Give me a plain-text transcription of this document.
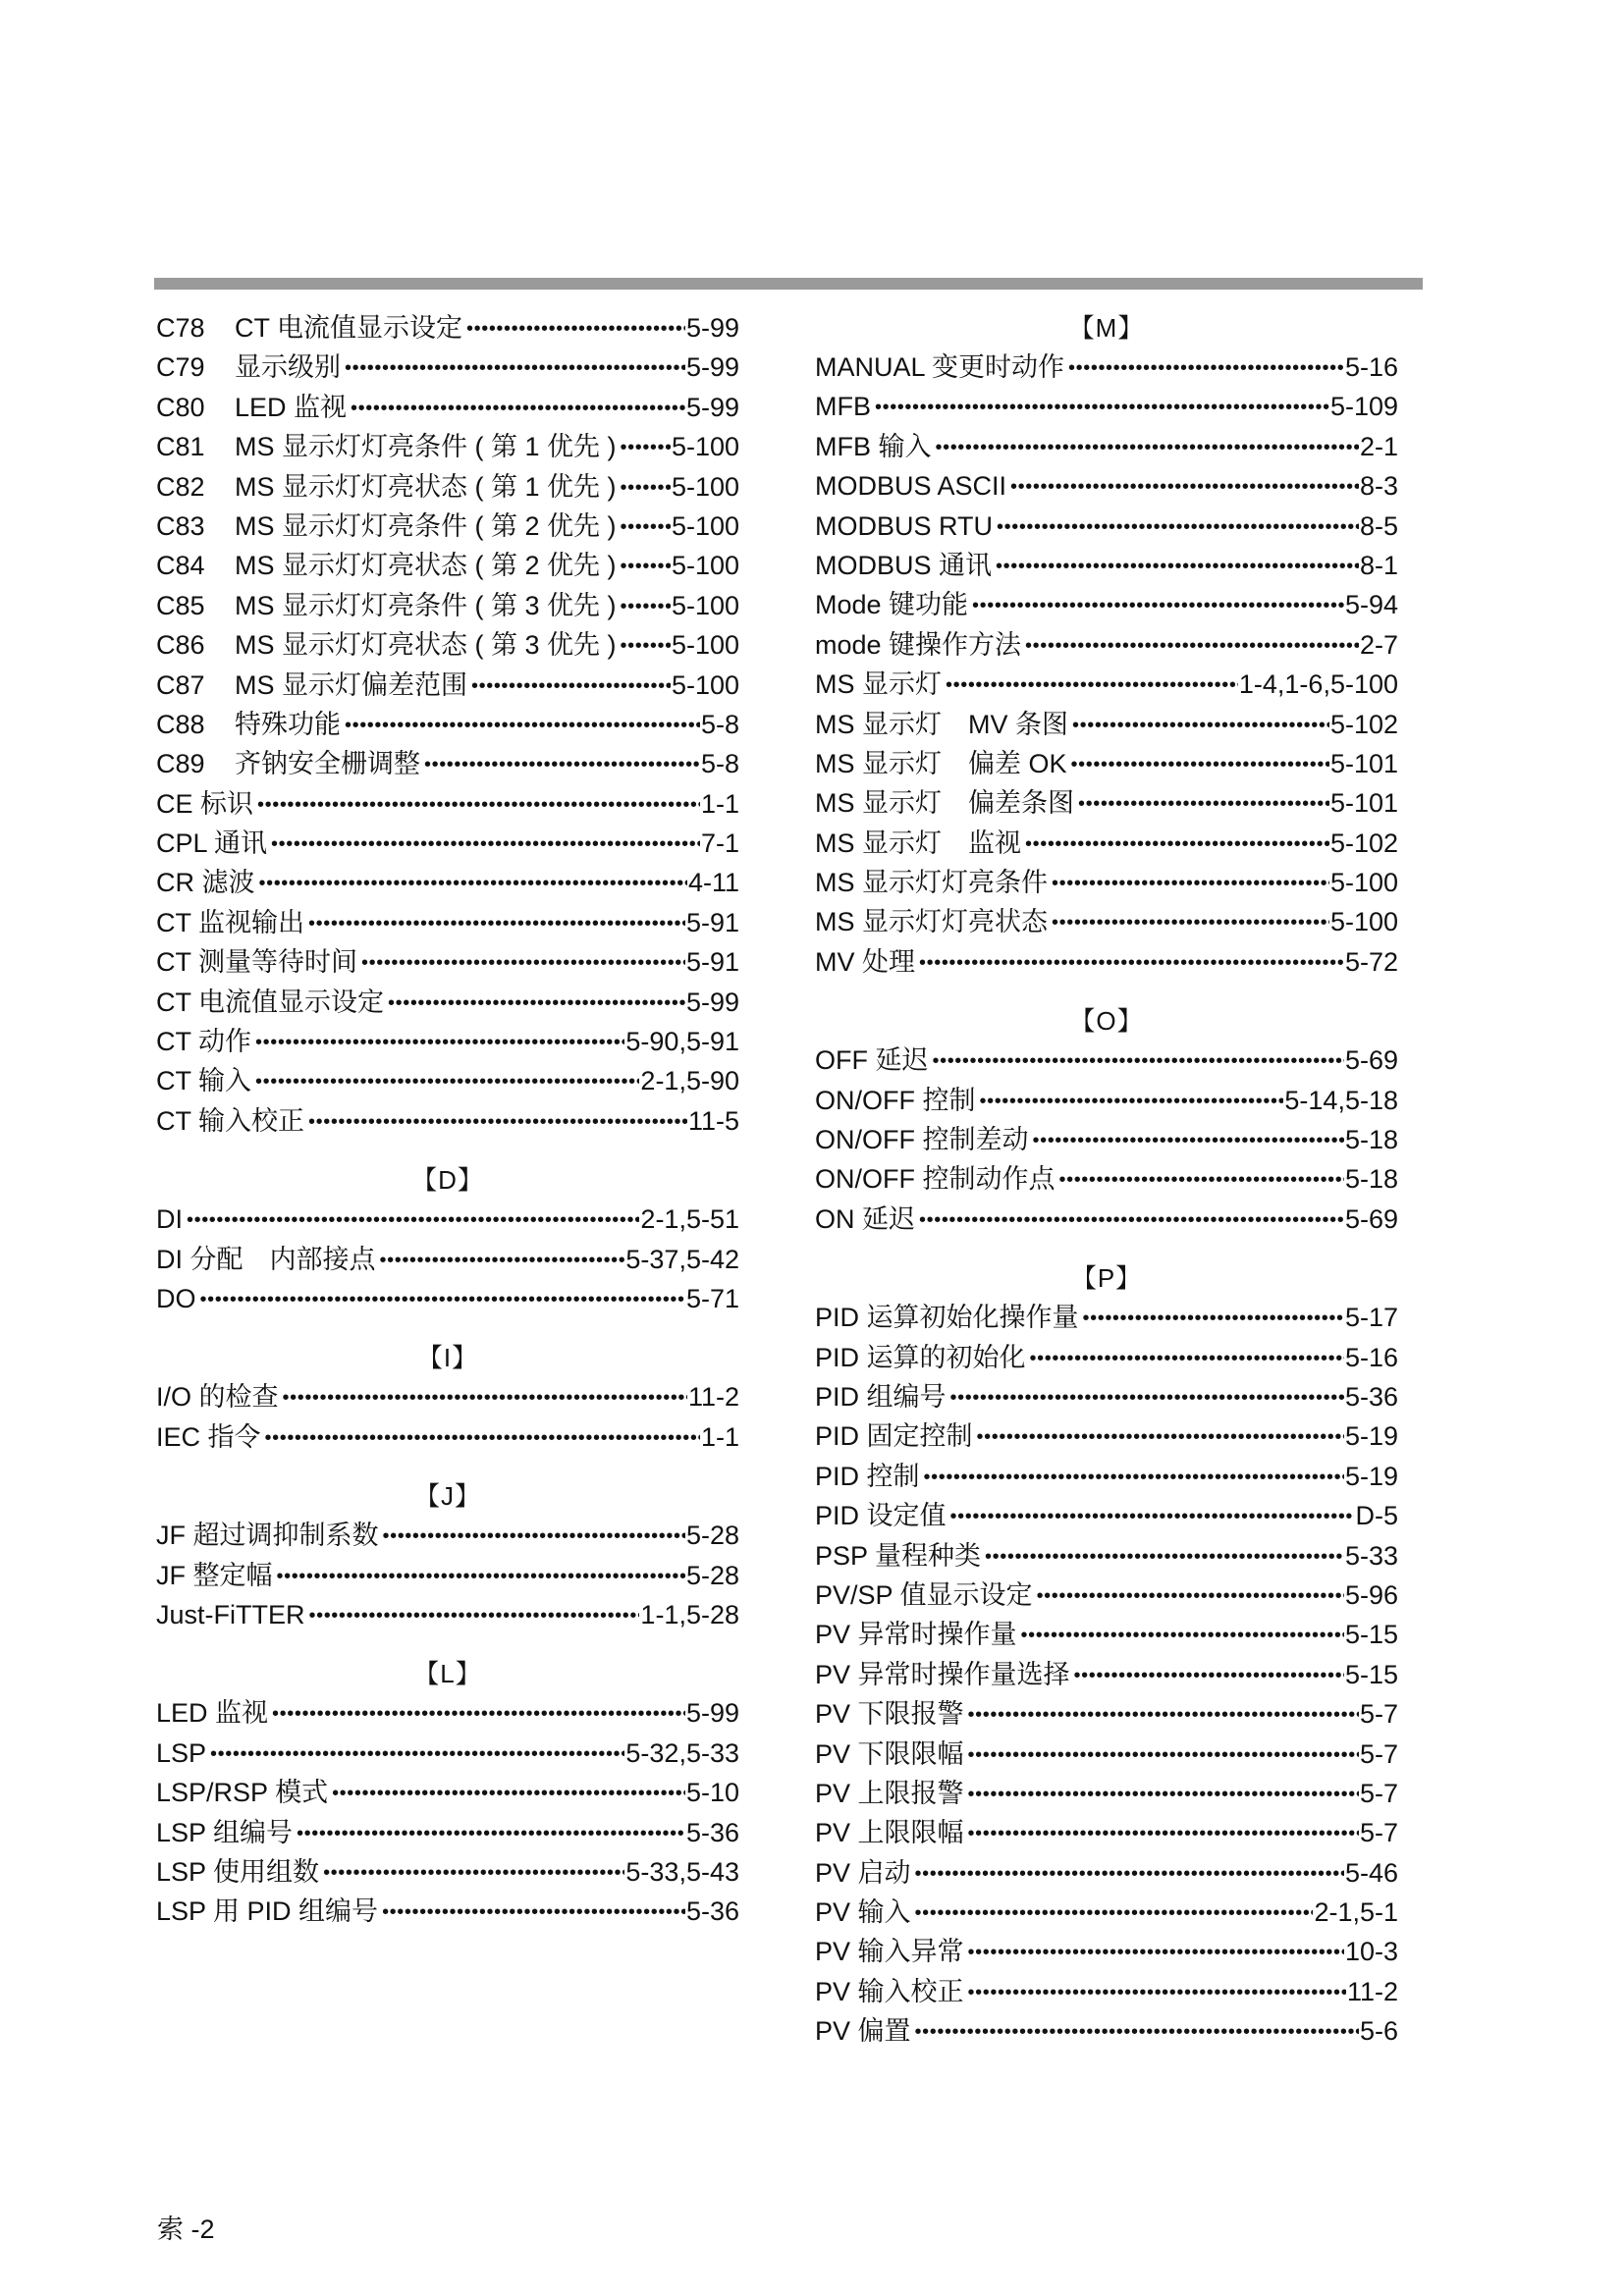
C78	CT 电流值显示设定 •••••	5-99
C79	显示级别 •••••	5-99
C80	LED 监视 •••••	5-99
C81	MS 显示灯灯亮条件 ( 第 1 优先 ) ••••• 5-100
C82	MS 显示灯灯亮状态 ( 第 1 优先 ) ••••• 5-100
C83	MS 显示灯灯亮条件 ( 第 2 优先 ) ••••• 5-100
C84	MS 显示灯灯亮状态 ( 第 2 优先 ) ••••• 5-100
C85	MS 显示灯灯亮条件 ( 第 3 优先 ) ••••• 5-100
C86	MS 显示灯灯亮状态 ( 第 3 优先 ) ••••• 5-100
C87	MS 显示灯偏差范围 •••••	5-100
C88	特殊功能 •••••	5-8
C89	齐钠安全栅调整 •••••	5-8
CE 标识 •••••	1-1
CPL 通讯 •••••	7-1
CR 滤波 •••••	4-11
CT 监视输出 •••••	5-91
CT 测量等待时间 •••••	5-91
CT 电流值显示设定 •••••	5-99
CT 动作 •••••	5-90,5-91
CT 输入 •••••	2-1,5-90
CT 输入校正 •••••	11-5
【D】
DI •••••	2-1,5-51
DI 分配　内部接点 •••••	5-37,5-42
DO •••••	5-71
【I】
I/O 的检查 •••••	11-2
IEC 指令 •••••	1-1
【J】
JF 超过调抑制系数 •••••	5-28
JF 整定幅 •••••	5-28
Just-FiTTER •••••	1-1,5-28
【L】
LED 监视 •••••	5-99
LSP •••••	5-32,5-33
LSP/RSP 模式 •••••	5-10
LSP 组编号 •••••	5-36
LSP 使用组数 •••••	5-33,5-43
LSP 用 PID 组编号 •••••	5-36
【M】
MANUAL 变更时动作 •••••	5-16
MFB •••••	5-109
MFB 输入 •••••	2-1
MODBUS ASCII •••••	8-3
MODBUS RTU •••••	8-5
MODBUS 通讯 •••••	8-1
Mode 键功能 •••••	5-94
mode 键操作方法 •••••	2-7
MS 显示灯 •••••	1-4,1-6,5-100
MS 显示灯　MV 条图 •••••	5-102
MS 显示灯　偏差 OK •••••	5-101
MS 显示灯　偏差条图 •••••	5-101
MS 显示灯　监视 •••••	5-102
MS 显示灯灯亮条件 •••••	5-100
MS 显示灯灯亮状态 •••••	5-100
MV 处理 •••••	5-72
【O】
OFF 延迟 •••••	5-69
ON/OFF 控制 •••••	5-14,5-18
ON/OFF 控制差动 •••••	5-18
ON/OFF 控制动作点 •••••	5-18
ON 延迟 •••••	5-69
【P】
PID 运算初始化操作量 •••••	5-17
PID 运算的初始化 •••••	5-16
PID 组编号 •••••	5-36
PID 固定控制 •••••	5-19
PID 控制 •••••	5-19
PID 设定值 •••••	D-5
PSP 量程种类 •••••	5-33
PV/SP 值显示设定 •••••	5-96
PV 异常时操作量 •••••	5-15
PV 异常时操作量选择 •••••	5-15
PV 下限报警 •••••	5-7
PV 下限限幅 •••••	5-7
PV 上限报警 •••••	5-7
PV 上限限幅 •••••	5-7
PV 启动 •••••	5-46
PV 输入 •••••	2-1,5-1
PV 输入异常 •••••	10-3
PV 输入校正 •••••	11-2
PV 偏置 •••••	5-6
索 -2
